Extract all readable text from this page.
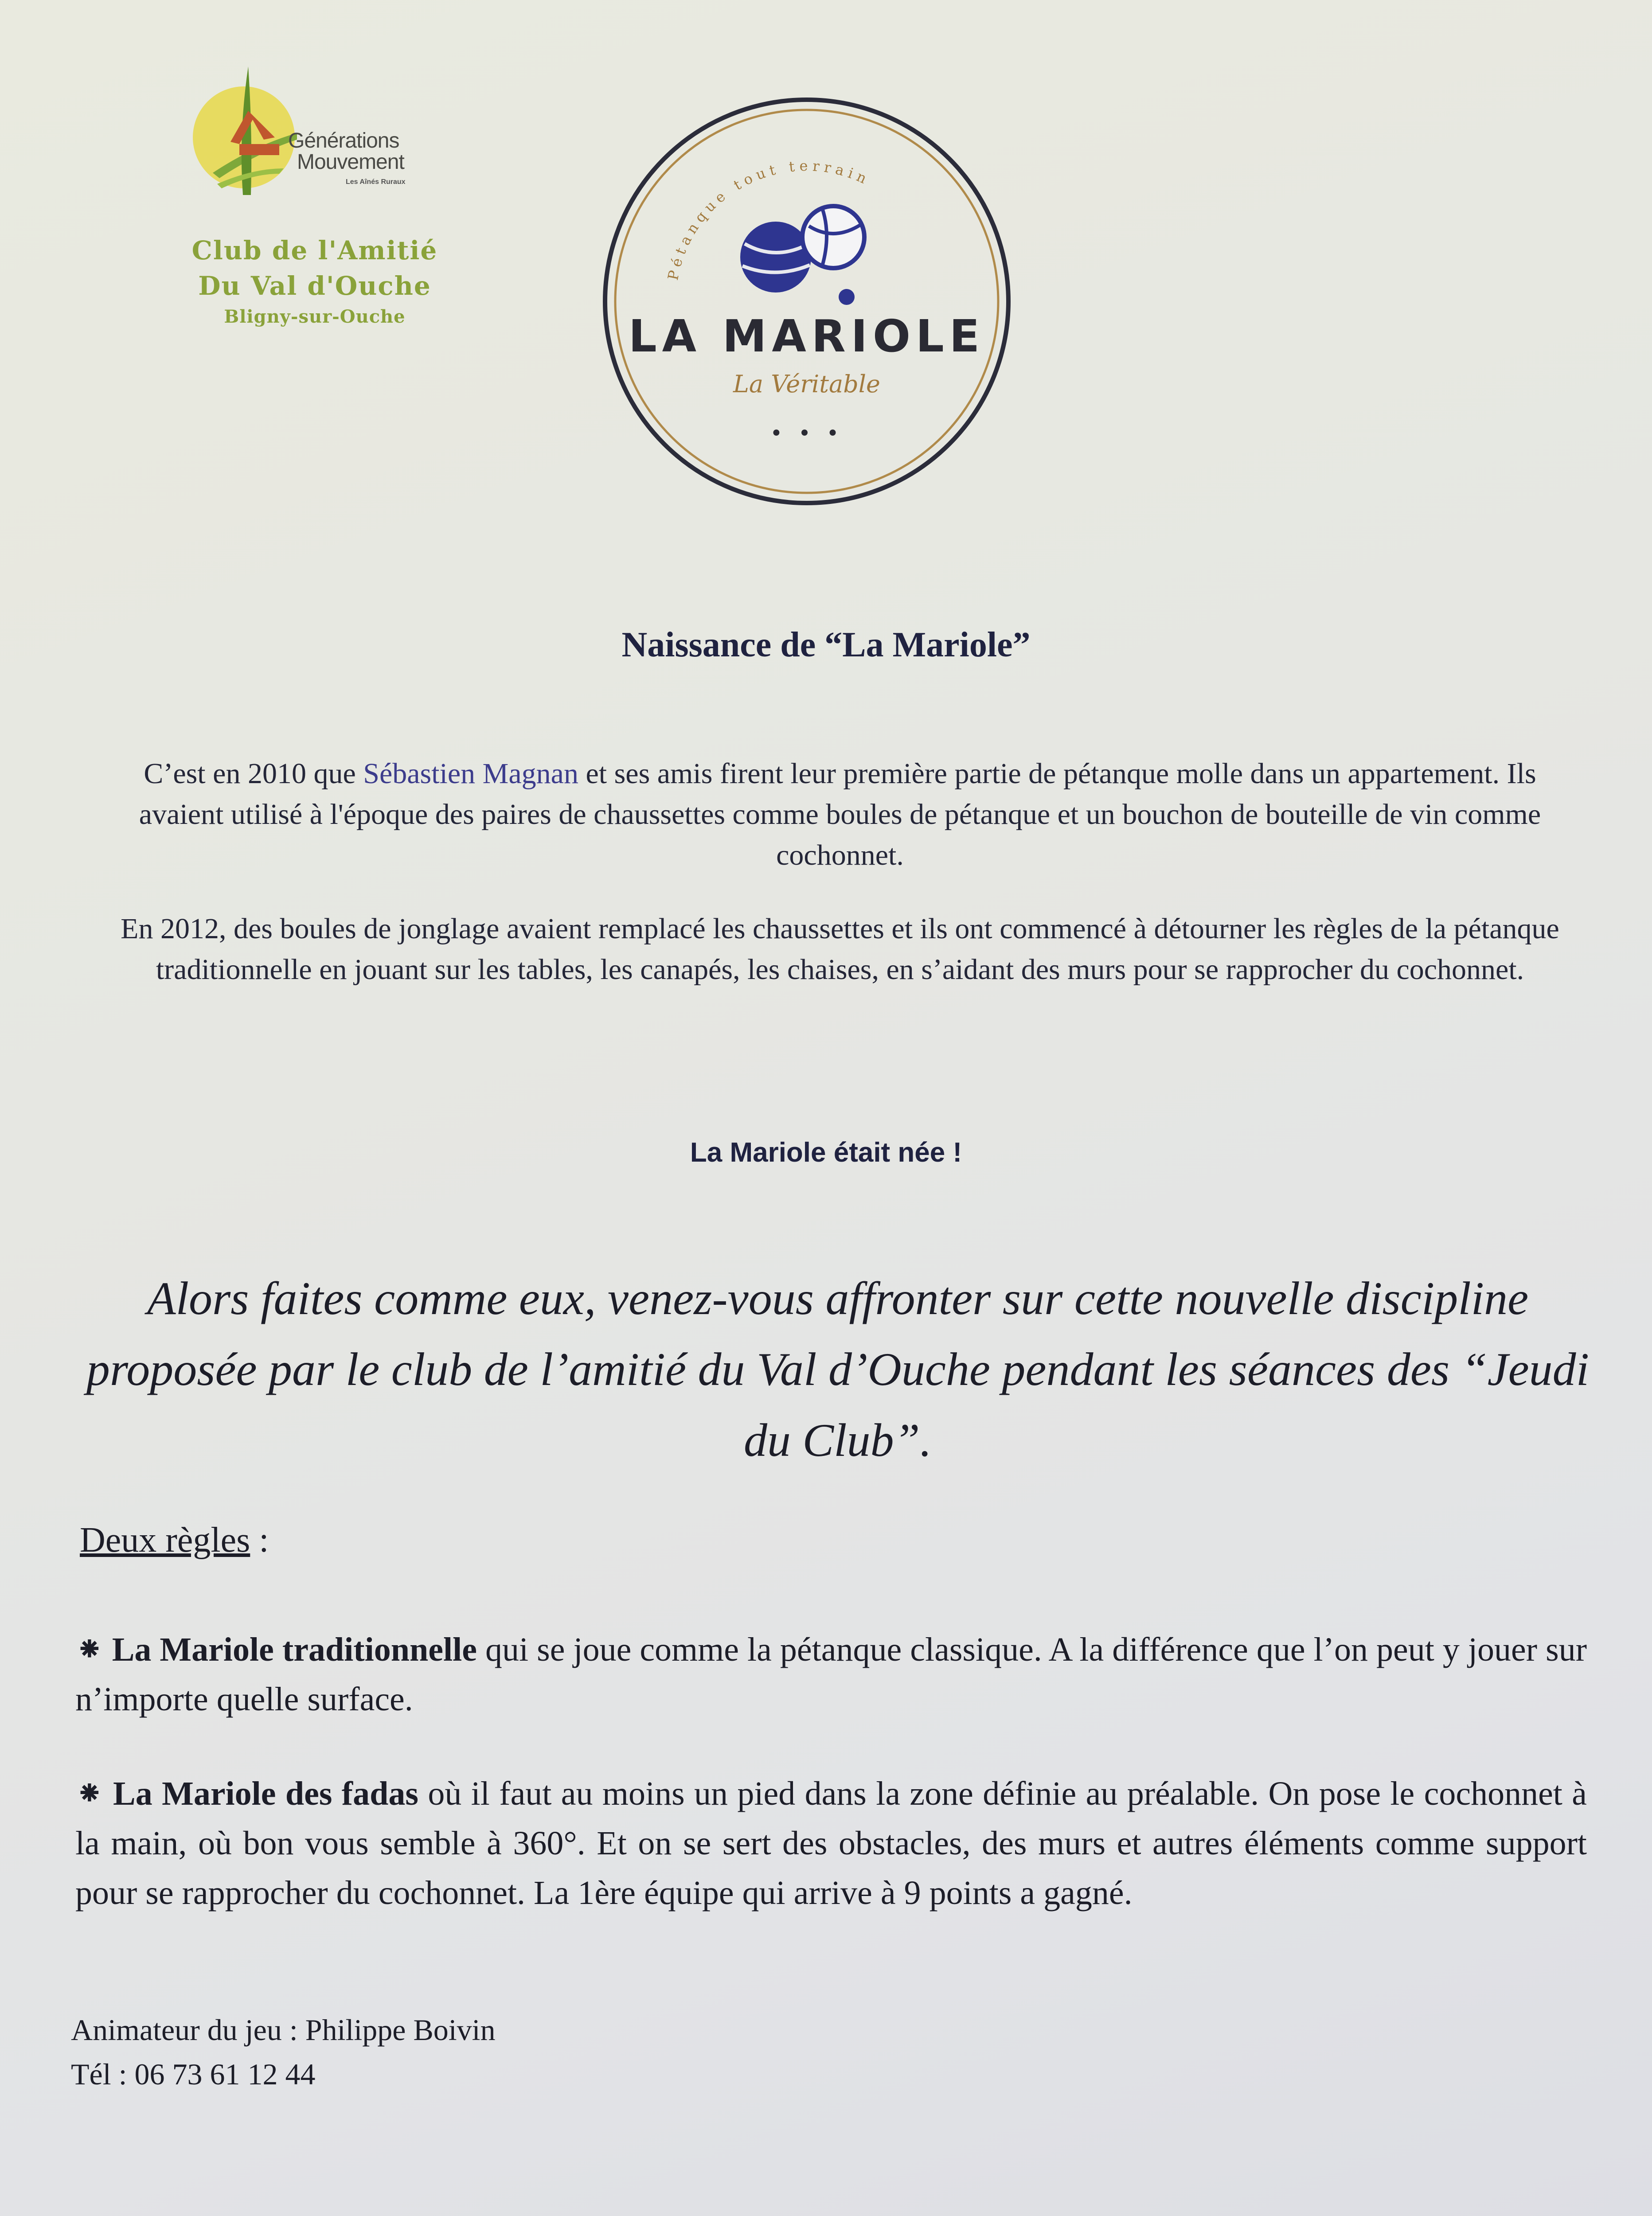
Générations
Mouvement
Les Aînés Ruraux
Club de l'Amitié
Du Val d'Ouche
Bligny-sur-Ouche
Pétanque tout terrain
LA MARIOLE
La Véritable
• • •
Naissance de “La Mariole”
C’est en 2010 que Sébastien Magnan et ses amis firent leur première partie de pétanque molle dans un appartement. Ils avaient utilisé à l'époque des paires de chaussettes comme boules de pétanque et un bouchon de bouteille de vin comme cochonnet.
En 2012, des boules de jonglage avaient remplacé les chaussettes et ils ont commencé à détourner les règles de la pétanque traditionnelle en jouant sur les tables, les canapés, les chaises, en s’aidant des murs pour se rapprocher du cochonnet.
La Mariole était née !
Alors faites comme eux, venez-vous affronter sur cette nouvelle discipline proposée par le club de l’amitié du Val d’Ouche pendant les séances des “Jeudi du Club”.
Deux règles :
⁕ La Mariole traditionnelle qui se joue comme la pétanque classique. A la différence que l’on peut y jouer sur n’importe quelle surface.
⁕ La Mariole des fadas où il faut au moins un pied dans la zone définie au préalable. On pose le cochonnet à la main, où bon vous semble à 360°. Et on se sert des obstacles, des murs et autres éléments comme support pour se rapprocher du cochonnet. La 1ère équipe qui arrive à 9 points a gagné.
Animateur du jeu : Philippe Boivin
Tél : 06 73 61 12 44
